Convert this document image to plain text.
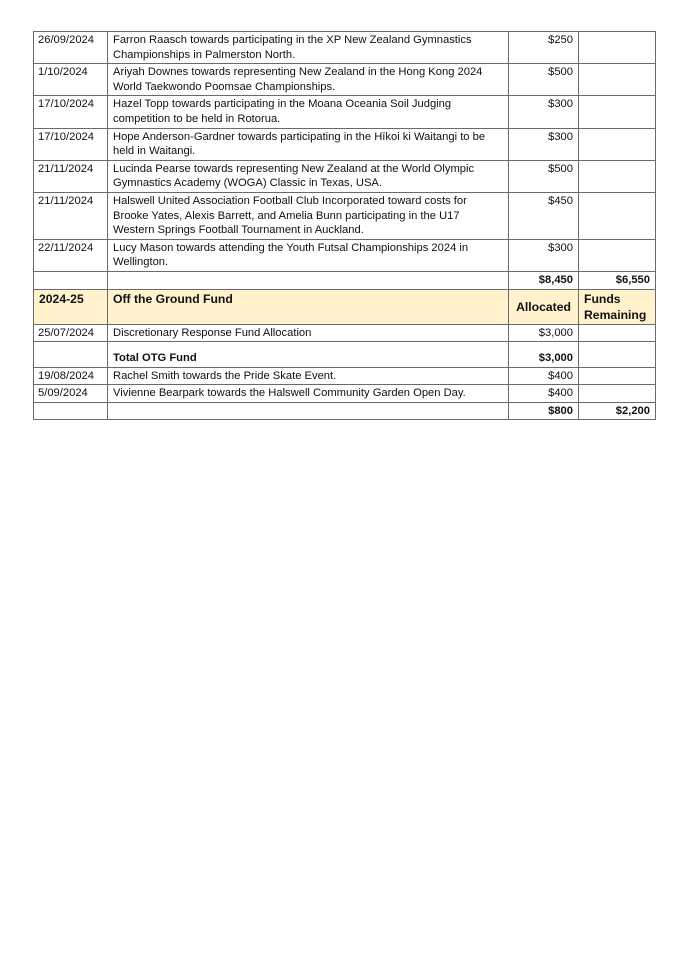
26/09/2024	Farron Raasch towards participating in the XP New Zealand Gymnastics Championships in Palmerston North.	$250	
1/10/2024	Ariyah Downes towards representing New Zealand in the Hong Kong 2024 World Taekwondo Poomsae Championships.	$500	
17/10/2024	Hazel Topp towards participating in the Moana Oceania Soil Judging competition to be held in Rotorua.	$300	
17/10/2024	Hope Anderson-Gardner towards participating in the Hīkoi ki Waitangi to be held in Waitangi.	$300	
21/11/2024	Lucinda Pearse towards representing New Zealand at the World Olympic Gymnastics Academy (WOGA) Classic in Texas, USA.	$500	
21/11/2024	Halswell United Association Football Club Incorporated toward costs for Brooke Yates, Alexis Barrett, and Amelia Bunn participating in the U17 Western Springs Football Tournament in Auckland.	$450	
22/11/2024	Lucy Mason towards attending the Youth Futsal Championships 2024 in Wellington.	$300	
		$8,450	$6,550
2024-25	Off the Ground Fund	Allocated	Funds Remaining
25/07/2024	Discretionary Response Fund Allocation	$3,000	
	Total OTG Fund	$3,000	
19/08/2024	Rachel Smith towards the Pride Skate Event.	$400	
5/09/2024	Vivienne Bearpark towards the Halswell Community Garden Open Day.	$400	
		$800	$2,200
